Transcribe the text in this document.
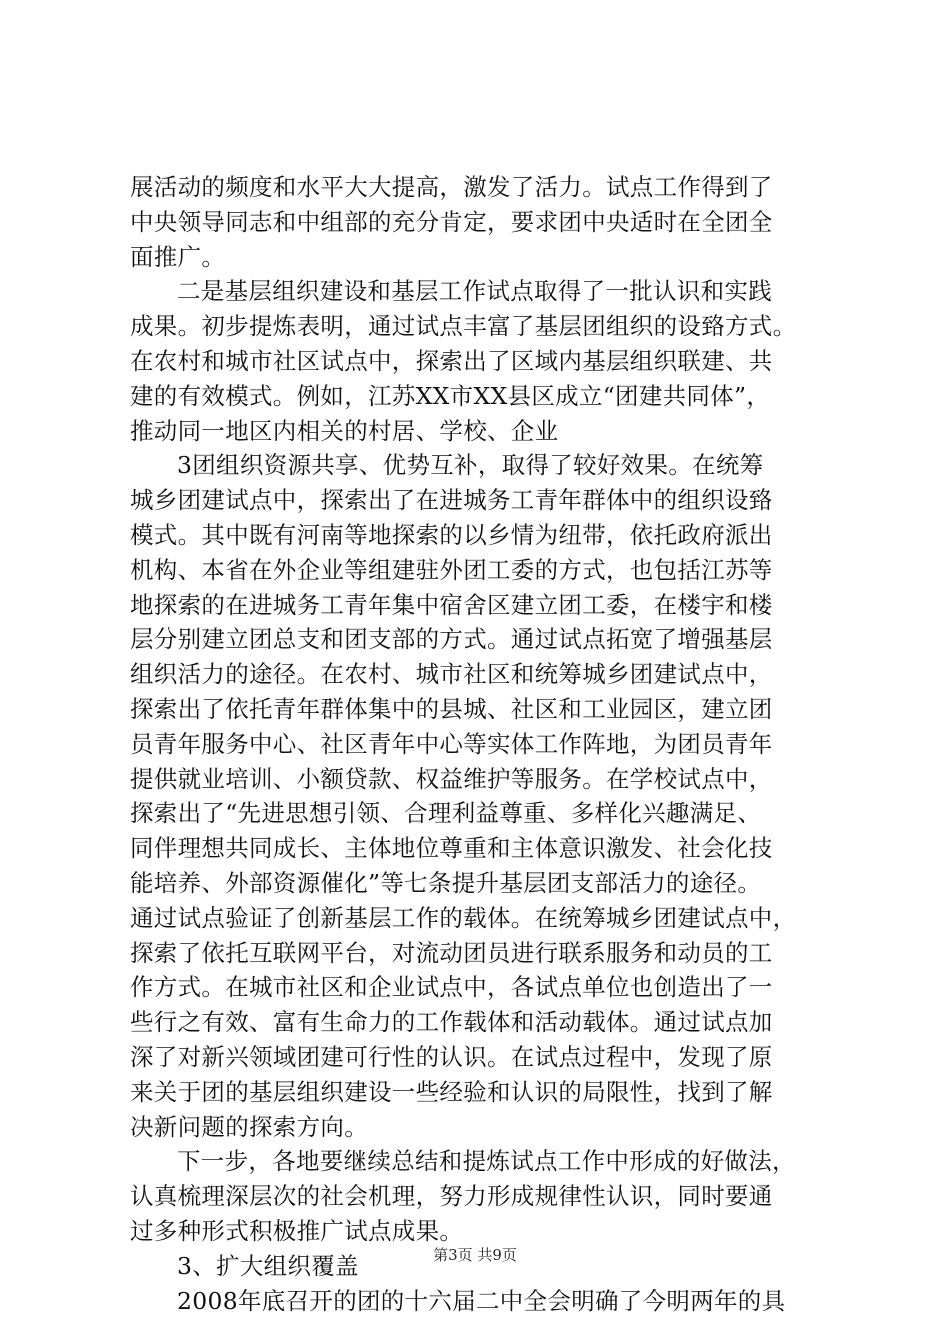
展活动的频度和水平大大提高，激发了活力。试点工作得到了
中央领导同志和中组部的充分肯定，要求团中央适时在全团全
面推广。
二是基层组织建设和基层工作试点取得了一批认识和实践
成果。初步提炼表明，通过试点丰富了基层团组织的设臵方式。
在农村和城市社区试点中，探索出了区域内基层组织联建、共
建的有效模式。例如，江苏XX市XX县区成立“团建共同体”，
推动同一地区内相关的村居、学校、企业
3团组织资源共享、优势互补，取得了较好效果。在统筹
城乡团建试点中，探索出了在进城务工青年群体中的组织设臵
模式。其中既有河南等地探索的以乡情为纽带，依托政府派出
机构、本省在外企业等组建驻外团工委的方式，也包括江苏等
地探索的在进城务工青年集中宿舍区建立团工委，在楼宇和楼
层分别建立团总支和团支部的方式。通过试点拓宽了增强基层
组织活力的途径。在农村、城市社区和统筹城乡团建试点中，
探索出了依托青年群体集中的县城、社区和工业园区，建立团
员青年服务中心、社区青年中心等实体工作阵地，为团员青年
提供就业培训、小额贷款、权益维护等服务。在学校试点中，
探索出了“先进思想引领、合理利益尊重、多样化兴趣满足、
同伴理想共同成长、主体地位尊重和主体意识激发、社会化技
能培养、外部资源催化”等七条提升基层团支部活力的途径。
通过试点验证了创新基层工作的载体。在统筹城乡团建试点中，
探索了依托互联网平台，对流动团员进行联系服务和动员的工
作方式。在城市社区和企业试点中，各试点单位也创造出了一
些行之有效、富有生命力的工作载体和活动载体。通过试点加
深了对新兴领域团建可行性的认识。在试点过程中，发现了原
来关于团的基层组织建设一些经验和认识的局限性，找到了解
决新问题的探索方向。
下一步，各地要继续总结和提炼试点工作中形成的好做法，
认真梳理深层次的社会机理，努力形成规律性认识，同时要通
过多种形式积极推广试点成果。
3、扩大组织覆盖
2008年底召开的团的十六届二中全会明确了今明两年的具
第3页 共9页
